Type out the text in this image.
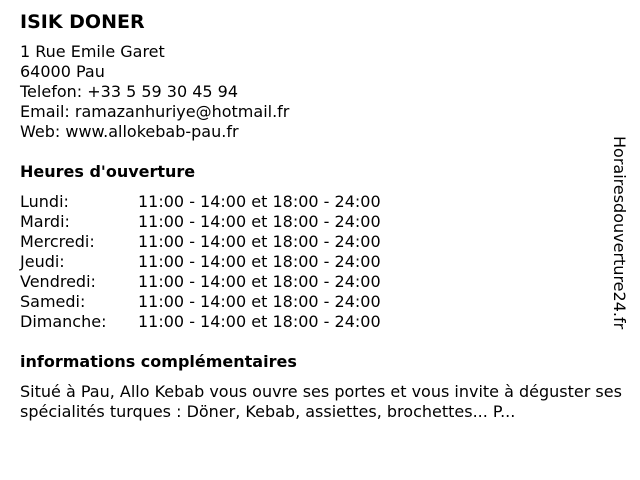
ISIK DONER
1 Rue Emile Garet
64000 Pau
Telefon: +33 5 59 30 45 94
Email: ramazanhuriye@hotmail.fr
Web: www.allokebab-pau.fr
Heures d'ouverture
Lundi:	11:00 - 14:00 et 18:00 - 24:00
Mardi:	11:00 - 14:00 et 18:00 - 24:00
Mercredi:	11:00 - 14:00 et 18:00 - 24:00
Jeudi:	11:00 - 14:00 et 18:00 - 24:00
Vendredi:	11:00 - 14:00 et 18:00 - 24:00
Samedi:	11:00 - 14:00 et 18:00 - 24:00
Dimanche:	11:00 - 14:00 et 18:00 - 24:00
informations complémentaires
Situé à Pau, Allo Kebab vous ouvre ses portes et vous invite à déguster ses spécialités turques : Döner, Kebab, assiettes, brochettes... P...
Horairesdouverture24.fr
